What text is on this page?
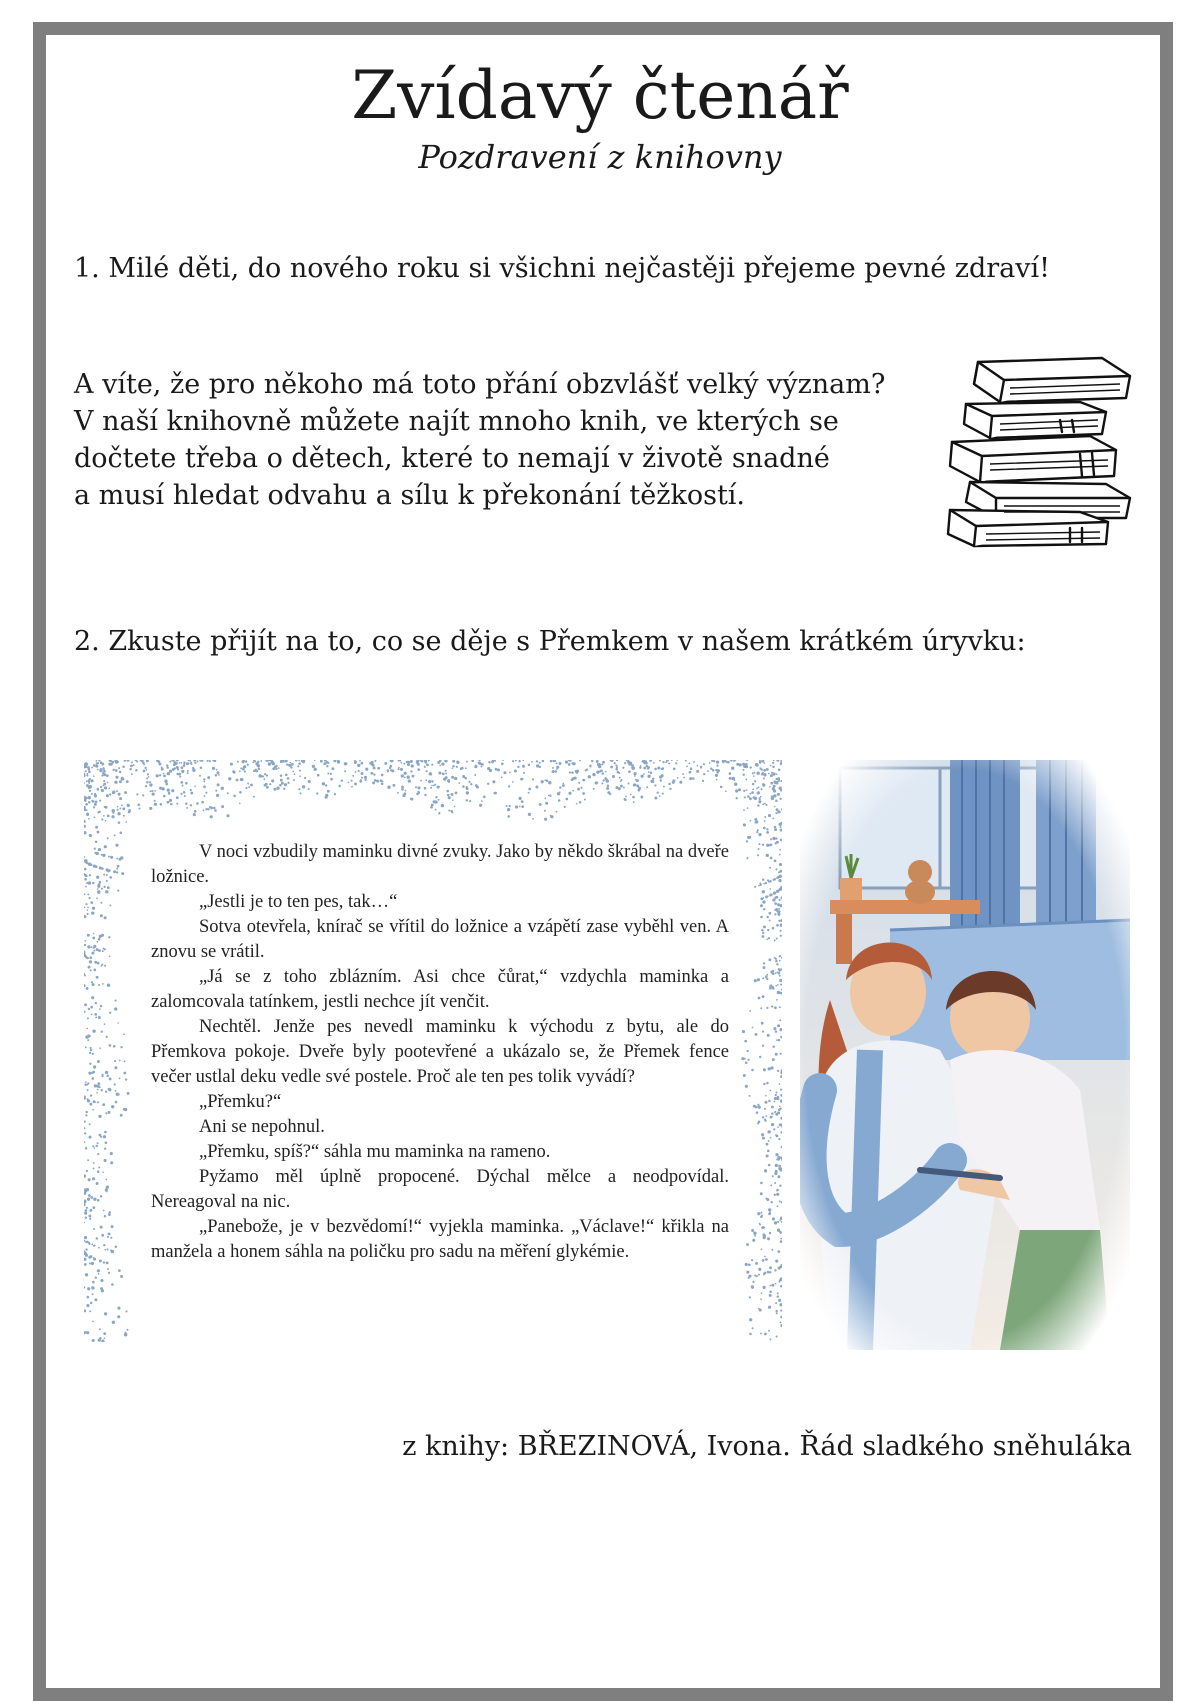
Zvídavý čtenář
Pozdravení z knihovny
1. Milé děti, do nového roku si všichni nejčastěji přejeme pevné zdraví!
A víte, že pro někoho má toto přání obzvlášť velký význam?
V naší knihovně můžete najít mnoho knih, ve kterých se
dočtete třeba o dětech, které to nemají v životě snadné
a musí hledat odvahu a sílu k překonání těžkostí.
2. Zkuste přijít na to, co se děje s Přemkem v našem krátkém úryvku:

V noci vzbudily maminku divné zvuky. Jako by někdo škrábal na dveře ložnice.

„Jestli je to ten pes, tak…“

Sotva otevřela, knírač se vřítil do ložnice a vzápětí zase vyběhl ven. A znovu se vrátil.

„Já se z toho zblázním. Asi chce čůrat,“ vzdychla maminka a zalomcovala tatínkem, jestli nechce jít venčit.

Nechtěl. Jenže pes nevedl maminku k východu z bytu, ale do Přemkova pokoje. Dveře byly pootevřené a ukázalo se, že Přemek fence večer ustlal deku vedle své postele. Proč ale ten pes tolik vyvádí?

„Přemku?“

Ani se nepohnul.

„Přemku, spíš?“ sáhla mu maminka na rameno.

Pyžamo měl úplně propocené. Dýchal mělce a neodpovídal. Nereagoval na nic.

„Panebože, je v bezvědomí!“ vyjekla maminka. „Václave!“ křikla na manžela a honem sáhla na poličku pro sadu na měření glykémie.

z knihy: BŘEZINOVÁ, Ivona. Řád sladkého sněhuláka
